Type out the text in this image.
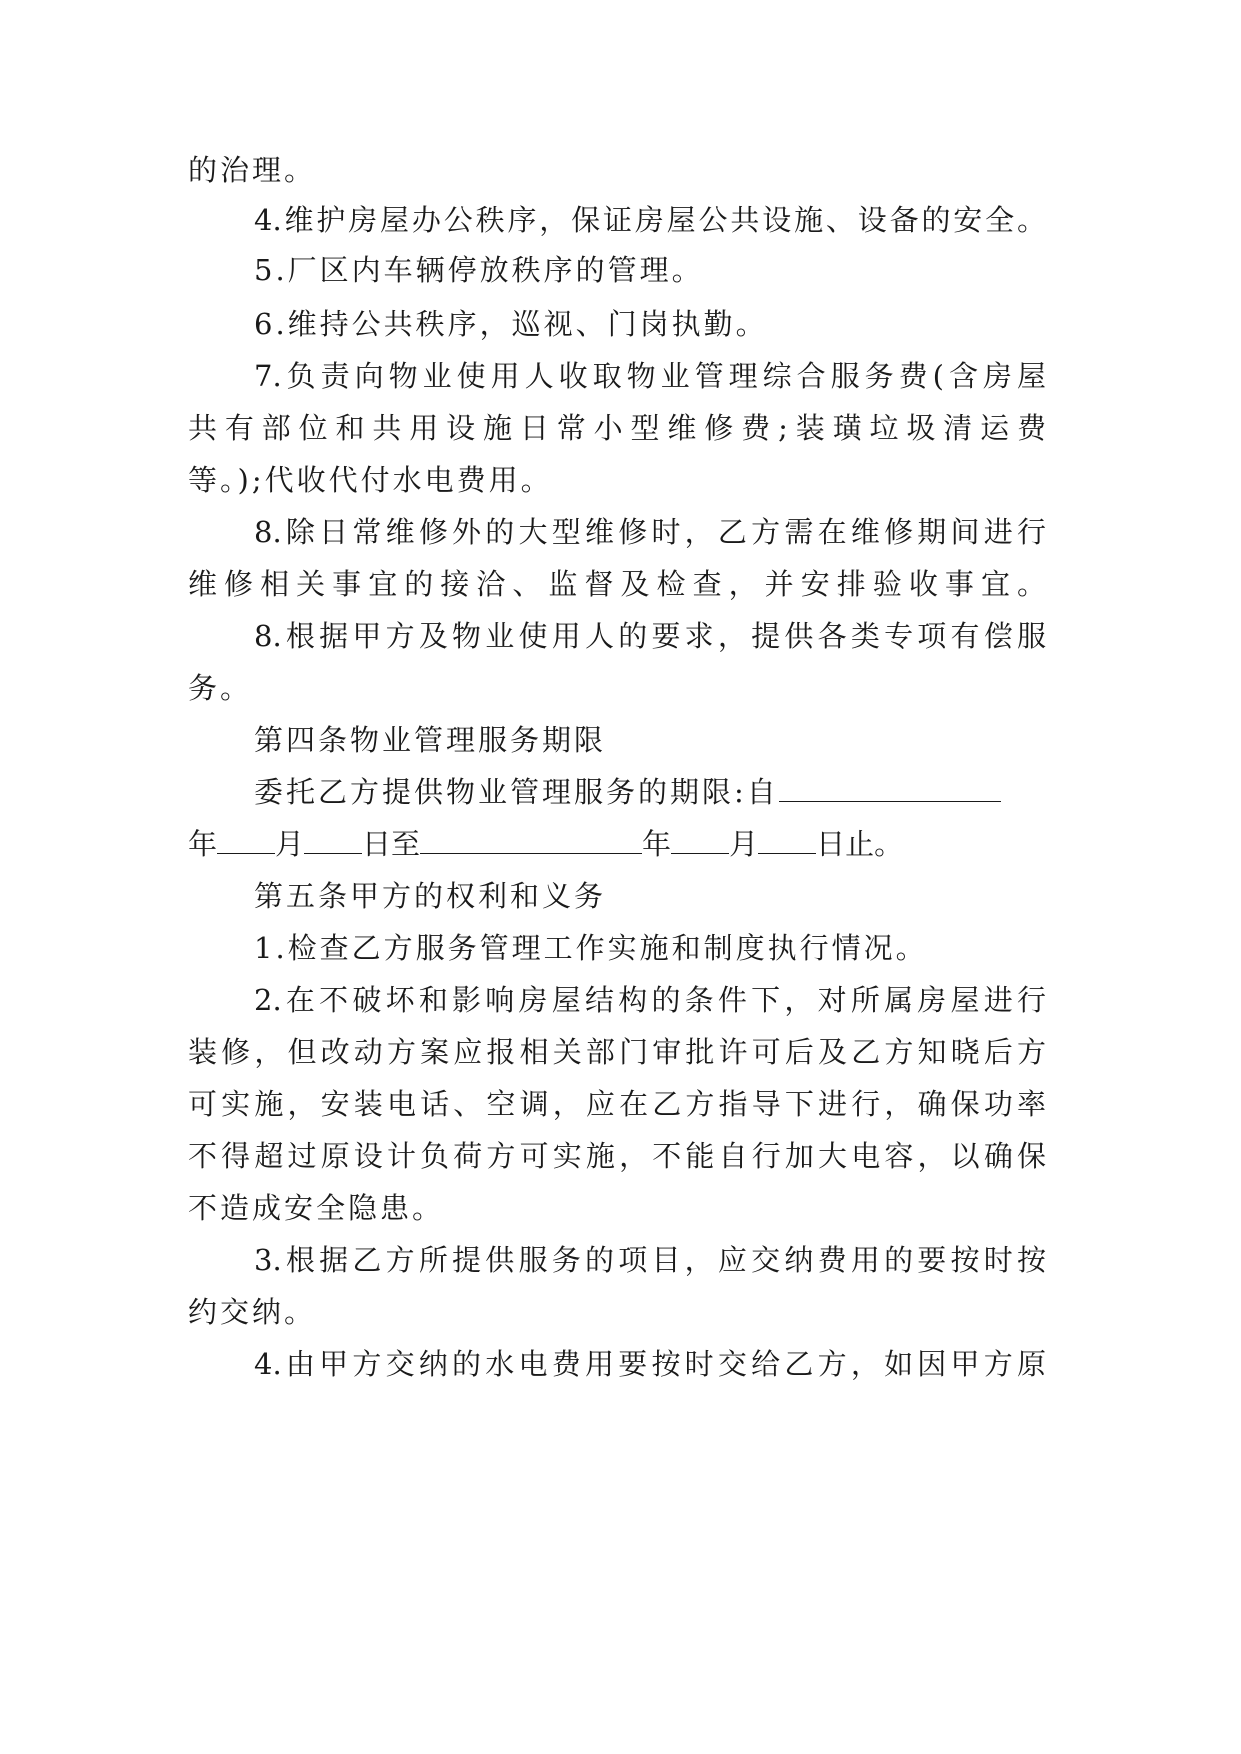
的治理。
4.维护房屋办公秩序，保证房屋公共设施、设备的安全。
5.厂区内车辆停放秩序的管理。
6.维持公共秩序，巡视、门岗执勤。
7.负责向物业使用人收取物业管理综合服务费(含房屋
共有部位和共用设施日常小型维修费;装璜垃圾清运费
等。);代收代付水电费用。
8.除日常维修外的大型维修时，乙方需在维修期间进行
维修相关事宜的接洽、监督及检查，并安排验收事宜。
8.根据甲方及物业使用人的要求，提供各类专项有偿服
务。
第四条物业管理服务期限
委托乙方提供物业管理服务的期限:自
年 月 日至	年 月 日止。
第五条甲方的权利和义务
1.检查乙方服务管理工作实施和制度执行情况。
2.在不破坏和影响房屋结构的条件下，对所属房屋进行
装修，但改动方案应报相关部门审批许可后及乙方知晓后方
可实施，安装电话、空调，应在乙方指导下进行，确保功率
不得超过原设计负荷方可实施，不能自行加大电容，以确保
不造成安全隐患。
3.根据乙方所提供服务的项目，应交纳费用的要按时按
约交纳。
4.由甲方交纳的水电费用要按时交给乙方，如因甲方原
